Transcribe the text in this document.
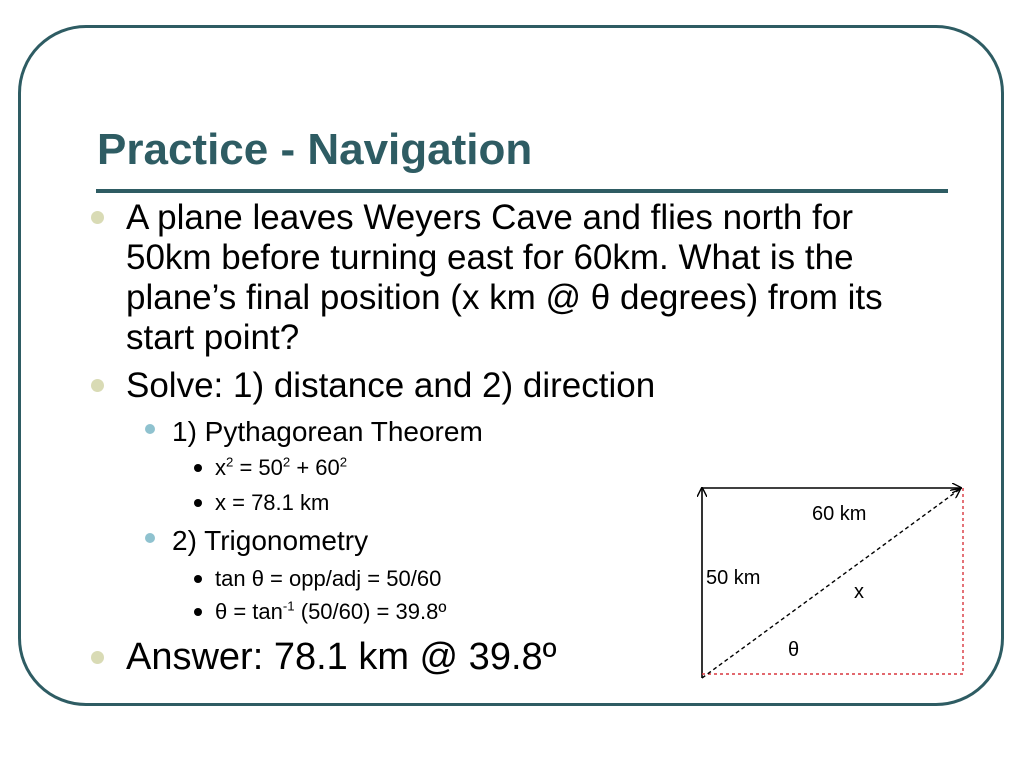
Practice - Navigation

A plane leaves Weyers Cave and flies north for 50km before turning east for 60km. What is the plane’s final position (x km @ θ degrees) from its start point?

Solve: 1) distance and 2) direction

1) Pythagorean Theorem

$x^2 = 50^2 + 60^2$

x = 78.1 km

2) Trigonometry

tan θ = opp/adj = 50/60

$\theta = \tan^{-1} (50/60)$ = 39.8º

Answer: 78.1 km @ 39.8º

60 km
50 km
x
θ
